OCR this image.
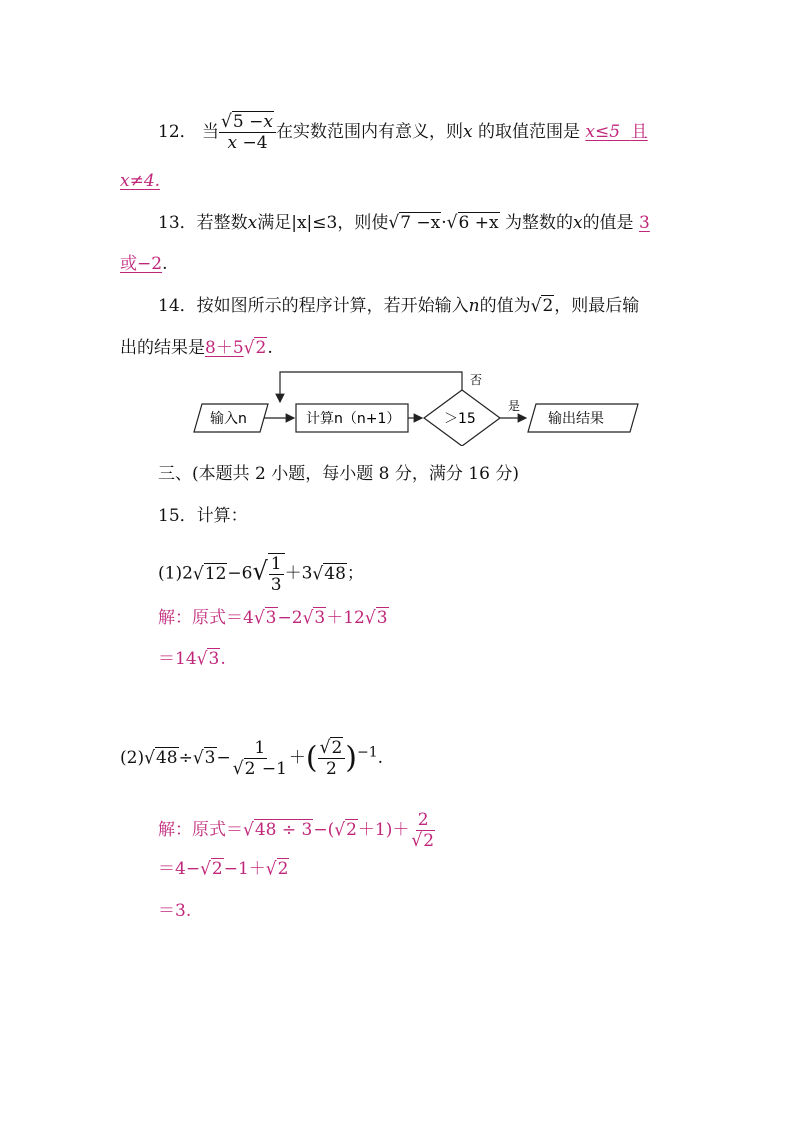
12． 当 $\frac{√5 -x}{x -4}$ 在实数范围内有意义，则x 的取值范围是 x≤5 且
x≠4.
13．若整数x满足|x|≤3，则使√7 −x·√6 +x 为整数的x的值是 3
或−2.
14．按如图所示的程序计算，若开始输入n的值为√2，则最后输
出的结果是8＋5√2.
输入n	计算n（n+1）	＞15
否
是
输出结果
三、(本题共 2 小题，每小题 8 分，满分 16 分)
15．计算：
$(1)2√12-6√ \frac{1}{3} +3√48$；
解：原式＝4√3−2√3＋12√3
＝14√3.
$(2)√48\div√3- \frac{1}{√2 -1}$ ＋( $\frac{√2}{2} )^{-1}$.
解：原式$=√48 \div 3-(√2+1)+ \frac{2}{√2}$
＝4−√2−1＋√2
＝3.
